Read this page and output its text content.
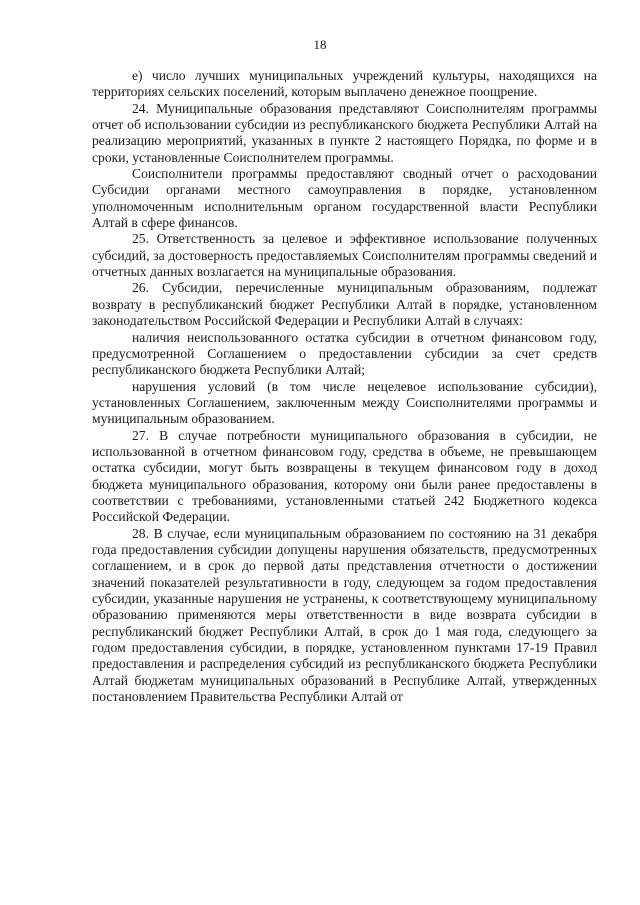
18

е) число лучших муниципальных учреждений культуры, находящихся на территориях сельских поселений, которым выплачено денежное поощрение.

24. Муниципальные образования представляют Соисполнителям программы отчет об использовании субсидии из республиканского бюджета Республики Алтай на реализацию мероприятий, указанных в пункте 2 настоящего Порядка, по форме и в сроки, установленные Соисполнителем программы.

Соисполнители программы предоставляют сводный отчет о расходовании Субсидии органами местного самоуправления в порядке, установленном уполномоченным исполнительным органом государственной власти Республики Алтай в сфере финансов.

25. Ответственность за целевое и эффективное использование полученных субсидий, за достоверность предоставляемых Соисполнителям программы сведений и отчетных данных возлагается на муниципальные образования.

26. Субсидии, перечисленные муниципальным образованиям, подлежат возврату в республиканский бюджет Республики Алтай в порядке, установленном законодательством Российской Федерации и Республики Алтай в случаях:

наличия неиспользованного остатка субсидии в отчетном финансовом году, предусмотренной Соглашением о предоставлении субсидии за счет средств республиканского бюджета Республики Алтай;

нарушения условий (в том числе нецелевое использование субсидии), установленных Соглашением, заключенным между Соисполнителями программы и муниципальным образованием.

27. В случае потребности муниципального образования в субсидии, не использованной в отчетном финансовом году, средства в объеме, не превышающем остатка субсидии, могут быть возвращены в текущем финансовом году в доход бюджета муниципального образования, которому они были ранее предоставлены в соответствии с требованиями, установленными статьей 242 Бюджетного кодекса Российской Федерации.

28. В случае, если муниципальным образованием по состоянию на 31 декабря года предоставления субсидии допущены нарушения обязательств, предусмотренных соглашением, и в срок до первой даты представления отчетности о достижении значений показателей результативности в году, следующем за годом предоставления субсидии, указанные нарушения не устранены, к соответствующему муниципальному образованию применяются меры ответственности в виде возврата субсидии в республиканский бюджет Республики Алтай, в срок до 1 мая года, следующего за годом предоставления субсидии, в порядке, установленном пунктами 17-19 Правил предоставления и распределения субсидий из республиканского бюджета Республики Алтай бюджетам муниципальных образований в Республике Алтай, утвержденных постановлением Правительства Республики Алтай от
